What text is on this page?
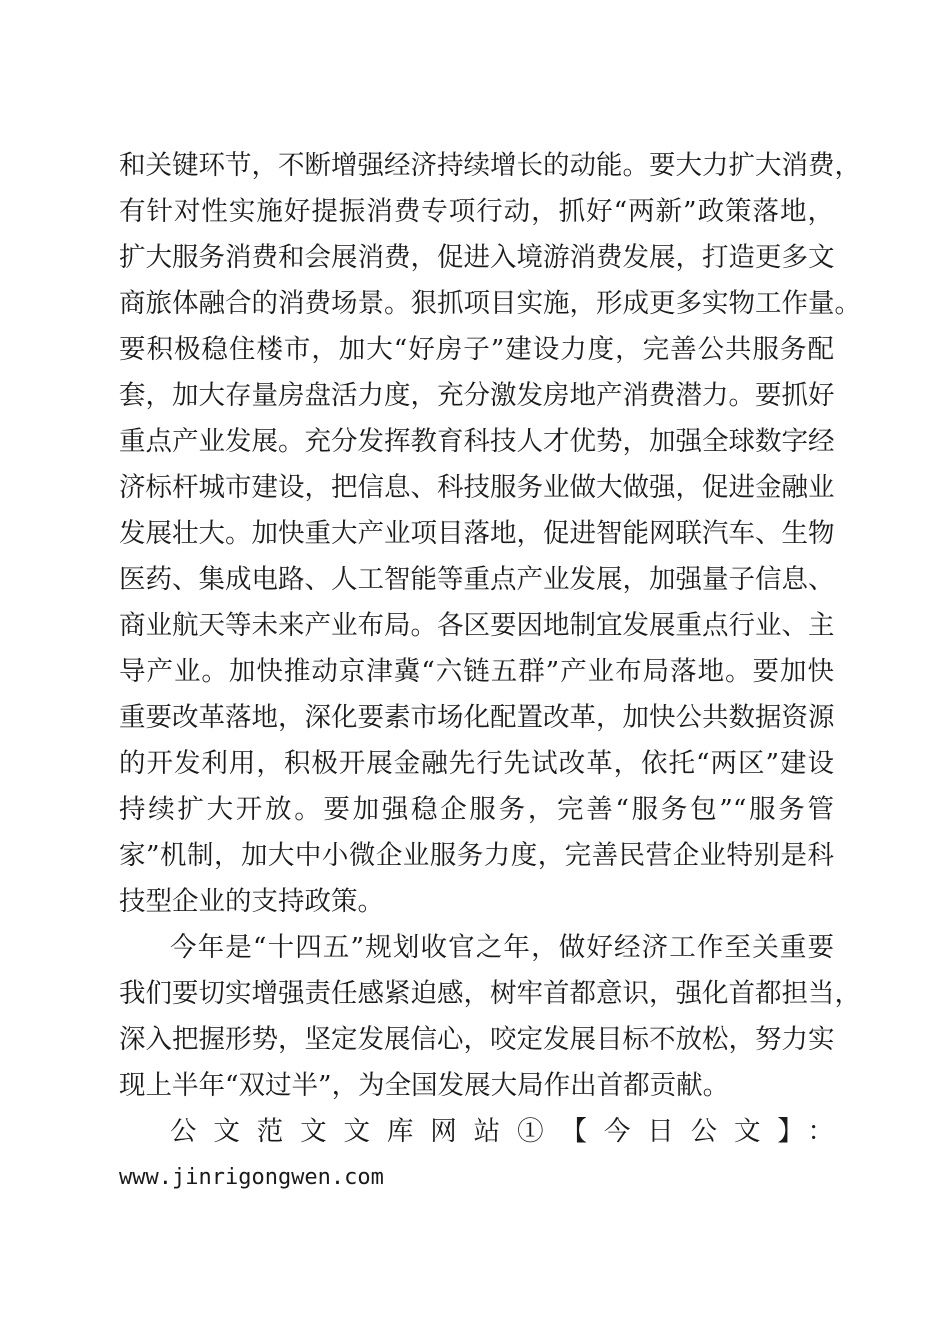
和关键环节，不断增强经济持续增长的动能。要大力扩大消费，
有针对性实施好提振消费专项行动，抓好“两新”政策落地，
扩大服务消费和会展消费，促进入境游消费发展，打造更多文
商旅体融合的消费场景。狠抓项目实施，形成更多实物工作量。
要积极稳住楼市，加大“好房子”建设力度，完善公共服务配
套，加大存量房盘活力度，充分激发房地产消费潜力。要抓好
重点产业发展。充分发挥教育科技人才优势，加强全球数字经
济标杆城市建设，把信息、科技服务业做大做强，促进金融业
发展壮大。加快重大产业项目落地，促进智能网联汽车、生物
医药、集成电路、人工智能等重点产业发展，加强量子信息、
商业航天等未来产业布局。各区要因地制宜发展重点行业、主
导产业。加快推动京津冀“六链五群”产业布局落地。要加快
重要改革落地，深化要素市场化配置改革，加快公共数据资源
的开发利用，积极开展金融先行先试改革，依托“两区”建设
持续扩大开放。要加强稳企服务，完善“服务包”“服务管
家”机制，加大中小微企业服务力度，完善民营企业特别是科
技型企业的支持政策。
今年是“十四五”规划收官之年，做好经济工作至关重要
我们要切实增强责任感紧迫感，树牢首都意识，强化首都担当，
深入把握形势，坚定发展信心，咬定发展目标不放松，努力实
现上半年“双过半”，为全国发展大局作出首都贡献。
公文范文文库网站①【今日公文】：
www.jinrigongwen.com
